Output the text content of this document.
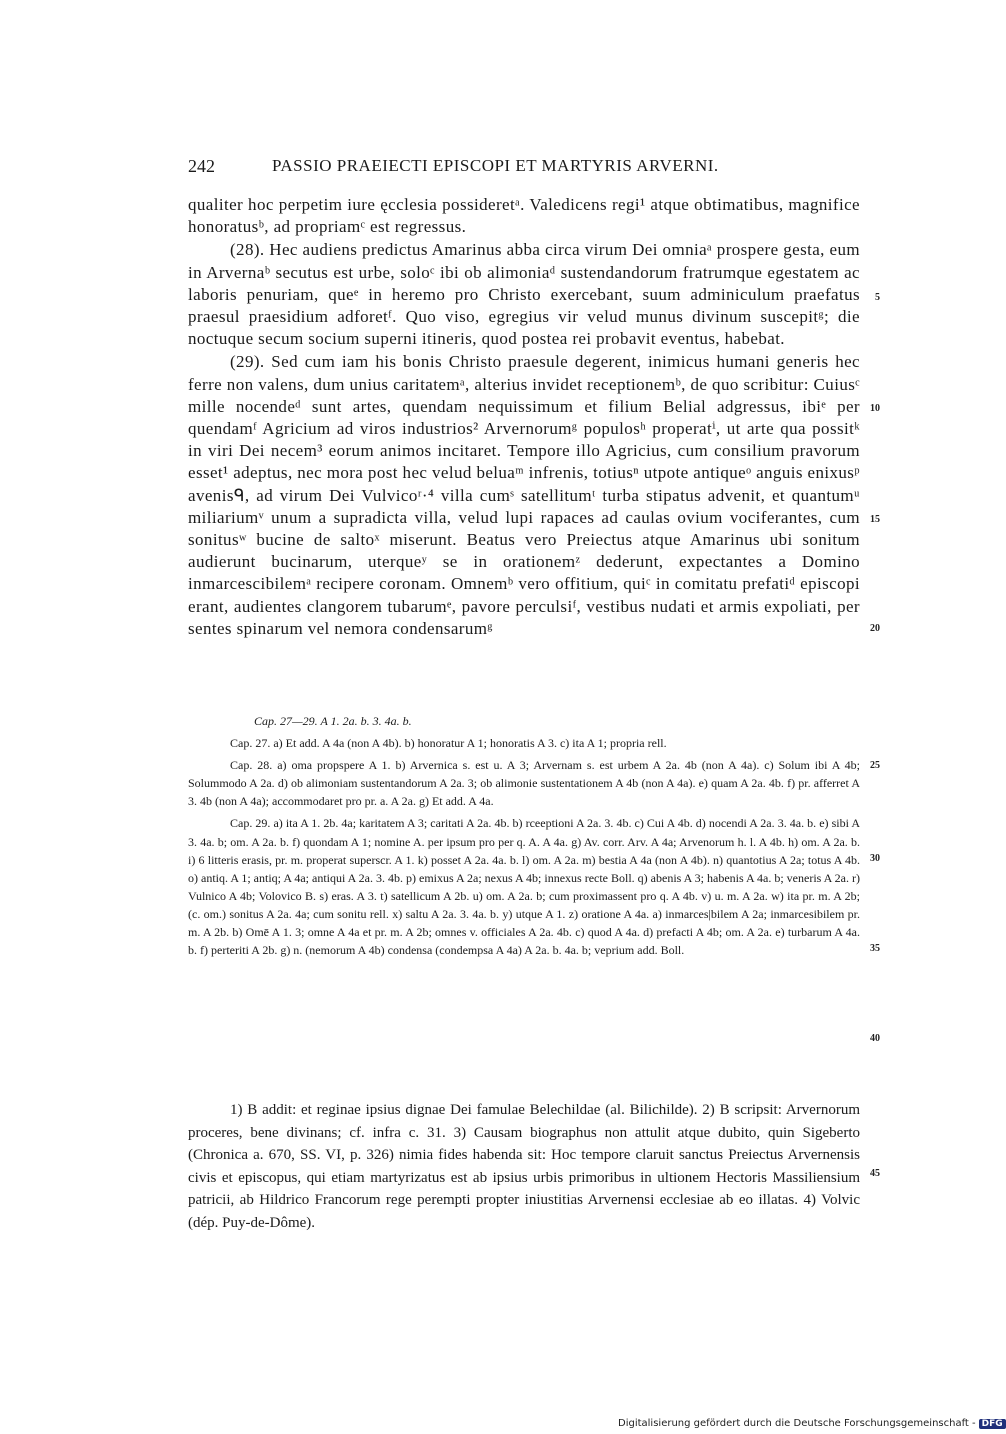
242	PASSIO PRAEIECTI EPISCOPI ET MARTYRIS ARVERNI.

qualiter hoc perpetim iure ęcclesia possideretᵃ. Valedicens regi¹ atque obtimatibus, magnifice honoratusᵇ, ad propriamᶜ est regressus.

(28). Hec audiens predictus Amarinus abba circa virum Dei omniaᵃ prospere gesta, eum in Arvernaᵇ secutus est urbe, soloᶜ ibi ob alimoniaᵈ sustendandorum fratrumque egestatem ac laboris penuriam, queᵉ in heremo pro Christo exercebant, suum adminiculum praefatus praesul praesidium adforetᶠ. Quo viso, egregius vir velud munus divinum suscepitᵍ; die noctuque secum socium superni itineris, quod postea rei probavit eventus, habebat.

(29). Sed cum iam his bonis Christo praesule degerent, inimicus humani generis hec ferre non valens, dum unius caritatemᵃ, alterius invidet receptionemᵇ, de quo scribitur: Cuiusᶜ mille nocendeᵈ sunt artes, quendam nequissimum et filium Belial adgressus, ibiᵉ per quendamᶠ Agricium ad viros industrios² Arvernorumᵍ populosʰ properatⁱ, ut arte qua possitᵏ in viri Dei necem³ eorum animos incitaret. Tempore illo Agricius, cum consilium pravorum esset¹ adeptus, nec mora post hec velud beluaᵐ infrenis, totiusⁿ utpote antiqueᵒ anguis enixusᵖ avenisᑫ, ad virum Dei Vulvicoʳ·⁴ villa cumˢ satellitumᵗ turba stipatus advenit, et quantumᵘ miliariumᵛ unum a supradicta villa, velud lupi rapaces ad caulas ovium vociferantes, cum sonitusʷ bucine de saltoˣ miserunt. Beatus vero Preiectus atque Amarinus ubi sonitum audierunt bucinarum, uterqueʸ se in orationemᶻ dederunt, expectantes a Domino inmarcescibilemᵃ recipere coronam. Omnemᵇ vero offitium, quiᶜ in comitatu prefatiᵈ episcopi erant, audientes clangorem tubarumᵉ, pavore perculsiᶠ, vestibus nudati et armis expoliati, per sentes spinarum vel nemora condensarumᵍ

5
10
15
20
25
30
35
40
45

Cap. 27—29. A 1. 2a. b. 3. 4a. b.

Cap. 27. a) Et add. A 4a (non A 4b). b) honoratur A 1; honoratis A 3. c) ita A 1; propria rell.

Cap. 28. a) oma propspere A 1. b) Arvernica s. est u. A 3; Arvernam s. est urbem A 2a. 4b (non A 4a). c) Solum ibi A 4b; Solummodo A 2a. d) ob alimoniam sustentandorum A 2a. 3; ob alimonie sustentationem A 4b (non A 4a). e) quam A 2a. 4b. f) pr. afferret A 3. 4b (non A 4a); accommodaret pro pr. a. A 2a. g) Et add. A 4a.

Cap. 29. a) ita A 1. 2b. 4a; karitatem A 3; caritati A 2a. 4b. b) rceeptioni A 2a. 3. 4b. c) Cui A 4b. d) nocendi A 2a. 3. 4a. b. e) sibi A 3. 4a. b; om. A 2a. b. f) quondam A 1; nomine A. per ipsum pro per q. A. A 4a. g) Av. corr. Arv. A 4a; Arvenorum h. l. A 4b. h) om. A 2a. b. i) 6 litteris erasis, pr. m. properat superscr. A 1. k) posset A 2a. 4a. b. l) om. A 2a. m) bestia A 4a (non A 4b). n) quantotius A 2a; totus A 4b. o) antiq. A 1; antiq; A 4a; antiqui A 2a. 3. 4b. p) emixus A 2a; nexus A 4b; innexus recte Boll. q) abenis A 3; habenis A 4a. b; veneris A 2a. r) Vulnico A 4b; Volovico B. s) eras. A 3. t) satellicum A 2b. u) om. A 2a. b; cum proximassent pro q. A 4b. v) u. m. A 2a. w) ita pr. m. A 2b; (c. om.) sonitus A 2a. 4a; cum sonitu rell. x) saltu A 2a. 3. 4a. b. y) utque A 1. z) oratione A 4a. a) inmarces|bilem A 2a; inmarcesibilem pr. m. A 2b. b) Omē A 1. 3; omne A 4a et pr. m. A 2b; omnes v. officiales A 2a. 4b. c) quod A 4a. d) prefacti A 4b; om. A 2a. e) turbarum A 4a. b. f) perteriti A 2b. g) n. (nemorum A 4b) condensa (condempsa A 4a) A 2a. b. 4a. b; veprium add. Boll.

1) B addit: et reginae ipsius dignae Dei famulae Belechildae (al. Bilichilde). 2) B scripsit: Arvernorum proceres, bene divinans; cf. infra c. 31. 3) Causam biographus non attulit atque dubito, quin Sigeberto (Chronica a. 670, SS. VI, p. 326) nimia fides habenda sit: Hoc tempore claruit sanctus Preiectus Arvernensis civis et episcopus, qui etiam martyrizatus est ab ipsius urbis primoribus in ultionem Hectoris Massiliensium patricii, ab Hildrico Francorum rege perempti propter iniustitias Arvernensi ecclesiae ab eo illatas. 4) Volvic (dép. Puy-de-Dôme).

Digitalisierung gefördert durch die Deutsche Forschungsgemeinschaft - DFG
